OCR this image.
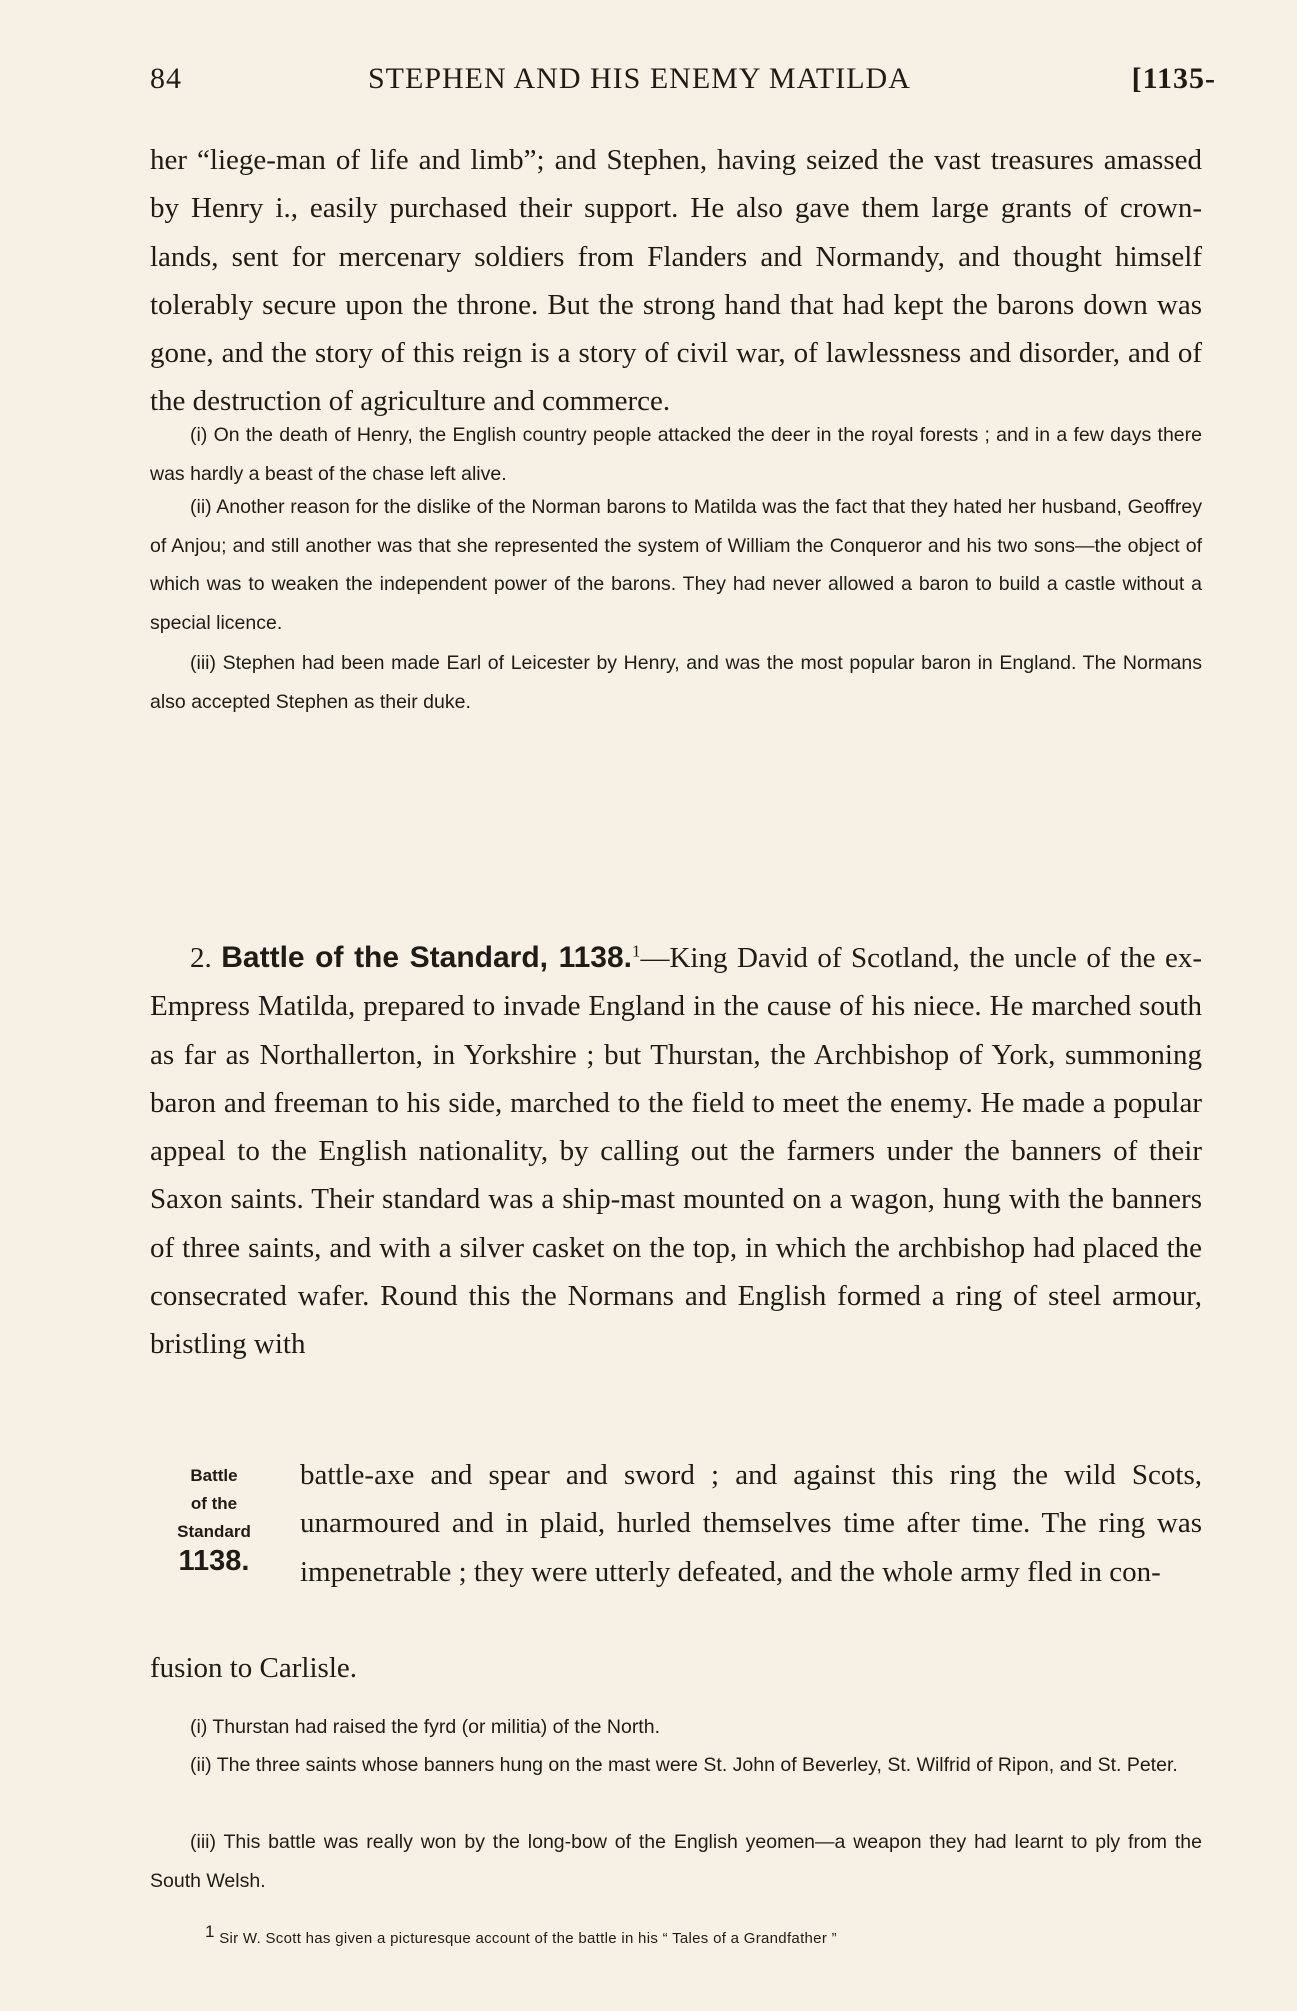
84	STEPHEN AND HIS ENEMY MATILDA	[1135-

her “liege-man of life and limb”; and Stephen, having seized the vast treasures amassed by Henry i., easily purchased their support. He also gave them large grants of crown-lands, sent for mercenary soldiers from Flanders and Normandy, and thought himself tolerably secure upon the throne. But the strong hand that had kept the barons down was gone, and the story of this reign is a story of civil war, of lawlessness and disorder, and of the destruction of agriculture and commerce.

(i) On the death of Henry, the English country people attacked the deer in the royal forests ; and in a few days there was hardly a beast of the chase left alive.

(ii) Another reason for the dislike of the Norman barons to Matilda was the fact that they hated her husband, Geoffrey of Anjou; and still another was that she represented the system of William the Conqueror and his two sons—the object of which was to weaken the independent power of the barons. They had never allowed a baron to build a castle without a special licence.

(iii) Stephen had been made Earl of Leicester by Henry, and was the most popular baron in England. The Normans also accepted Stephen as their duke.

2. Battle of the Standard, 1138.$^1$—King David of Scotland, the uncle of the ex-Empress Matilda, prepared to invade England in the cause of his niece. He marched south as far as Northallerton, in Yorkshire ; but Thurstan, the Archbishop of York, summoning baron and freeman to his side, marched to the field to meet the enemy. He made a popular appeal to the English nationality, by calling out the farmers under the banners of their Saxon saints. Their standard was a ship-mast mounted on a wagon, hung with the banners of three saints, and with a silver casket on the top, in which the archbishop had placed the consecrated wafer. Round this the Normans and English formed a ring of steel armour, bristling with

battle-axe and spear and sword ; and against this ring the wild Scots, unarmoured and in plaid, hurled themselves time after time. The ring was impenetrable ; they were utterly defeated, and the whole army fled in con-

fusion to Carlisle.

Battle
of the
Standard
1138.

(i) Thurstan had raised the fyrd (or militia) of the North.

(ii) The three saints whose banners hung on the mast were St. John of Beverley, St. Wilfrid of Ripon, and St. Peter.

(iii) This battle was really won by the long-bow of the English yeomen—a weapon they had learnt to ply from the South Welsh.

1 Sir W. Scott has given a picturesque account of the battle in his “ Tales of a Grandfather ”
